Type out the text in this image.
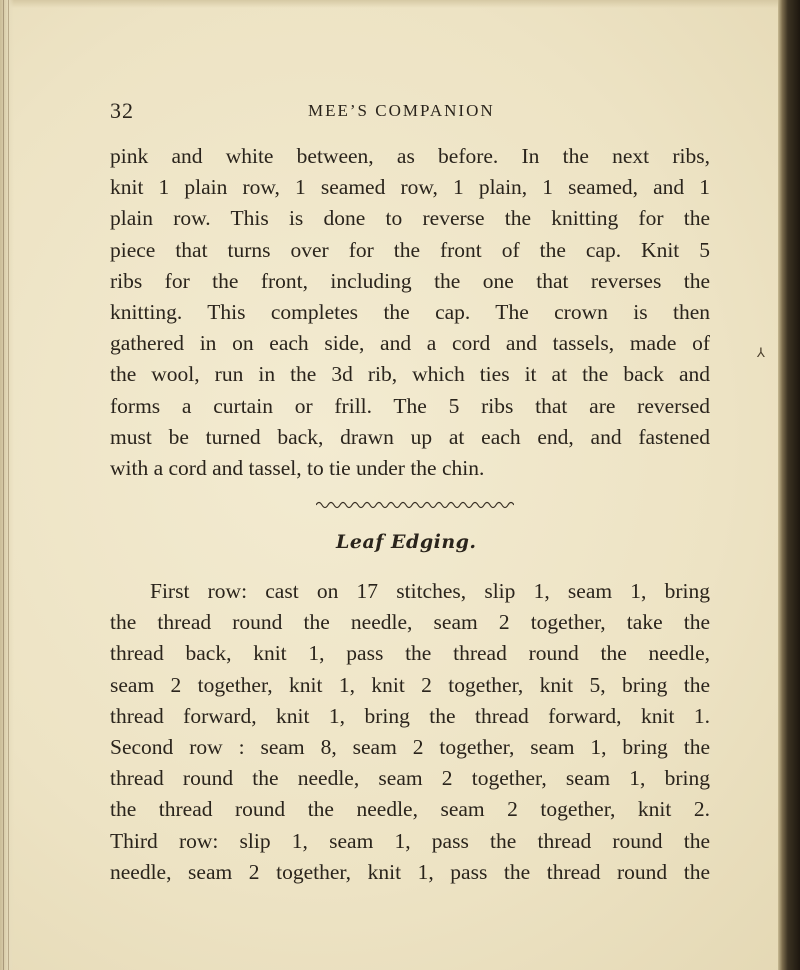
32	MEE’S COMPANION
pink and white between, as before. In the next ribs,
knit 1 plain row, 1 seamed row, 1 plain, 1 seamed, and 1
plain row. This is done to reverse the knitting for the
piece that turns over for the front of the cap. Knit 5
ribs for the front, including the one that reverses the
knitting. This completes the cap. The crown is then
gathered in on each side, and a cord and tassels, made of
the wool, run in the 3d rib, which ties it at the back and
forms a curtain or frill. The 5 ribs that are reversed
must be turned back, drawn up at each end, and fastened
with a cord and tassel, to tie under the chin.
Leaf Edging.
First row: cast on 17 stitches, slip 1, seam 1, bring
the thread round the needle, seam 2 together, take the
thread back, knit 1, pass the thread round the needle,
seam 2 together, knit 1, knit 2 together, knit 5, bring the
thread forward, knit 1, bring the thread forward, knit 1.
Second row : seam 8, seam 2 together, seam 1, bring the
thread round the needle, seam 2 together, seam 1, bring
the thread round the needle, seam 2 together, knit 2.
Third row: slip 1, seam 1, pass the thread round the
needle, seam 2 together, knit 1, pass the thread round the
⅄
